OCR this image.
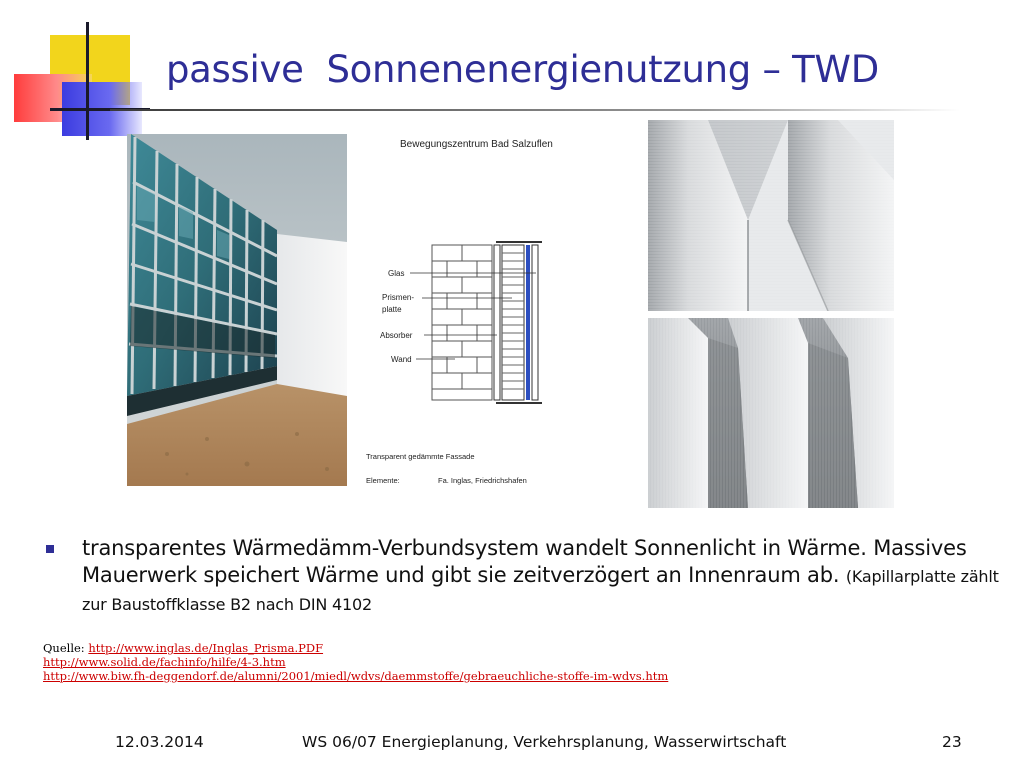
passive  Sonnenenergienutzung – TWD
Bewegungszentrum Bad Salzuflen
Glas
Prismen-
platte
Absorber
Wand
Transparent gedämmte Fassade
Elemente:	Fa. Inglas, Friedrichshafen
transparentes Wärmedämm-Verbundsystem wandelt Sonnenlicht in Wärme. Massives Mauerwerk speichert Wärme und gibt sie zeitverzögert an Innenraum ab. (Kapillarplatte zählt zur Baustoffklasse B2 nach DIN 4102
Quelle: http://www.inglas.de/Inglas_Prisma.PDF
http://www.solid.de/fachinfo/hilfe/4-3.htm
http://www.biw.fh-deggendorf.de/alumni/2001/miedl/wdvs/daemmstoffe/gebraeuchliche-stoffe-im-wdvs.htm
12.03.2014	WS 06/07 Energieplanung, Verkehrsplanung, Wasserwirtschaft	23
